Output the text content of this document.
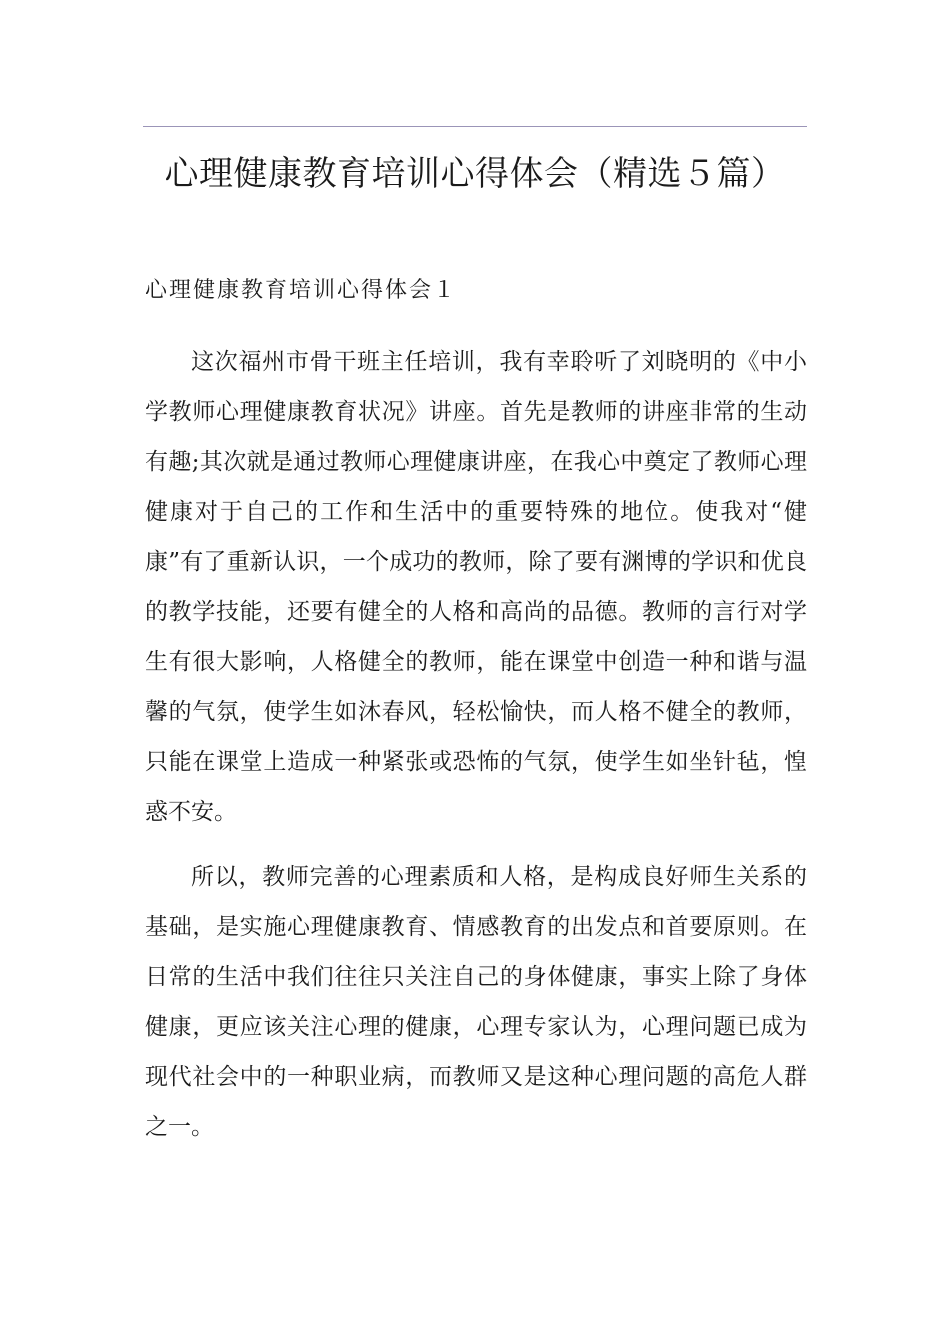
心理健康教育培训心得体会（精选５篇）
心理健康教育培训心得体会１

这次福州市骨干班主任培训，我有幸聆听了刘晓明的《中小学教师心理健康教育状况》讲座。首先是教师的讲座非常的生动有趣;其次就是通过教师心理健康讲座，在我心中奠定了教师心理健康对于自己的工作和生活中的重要特殊的地位。使我对“健康”有了重新认识，一个成功的教师，除了要有渊博的学识和优良的教学技能，还要有健全的人格和高尚的品德。教师的言行对学生有很大影响，人格健全的教师，能在课堂中创造一种和谐与温馨的气氛，使学生如沐春风，轻松愉快，而人格不健全的教师，只能在课堂上造成一种紧张或恐怖的气氛，使学生如坐针毡，惶惑不安。

所以，教师完善的心理素质和人格，是构成良好师生关系的基础，是实施心理健康教育、情感教育的出发点和首要原则。在日常的生活中我们往往只关注自己的身体健康，事实上除了身体健康，更应该关注心理的健康，心理专家认为，心理问题已成为现代社会中的一种职业病，而教师又是这种心理问题的高危人群之一。
